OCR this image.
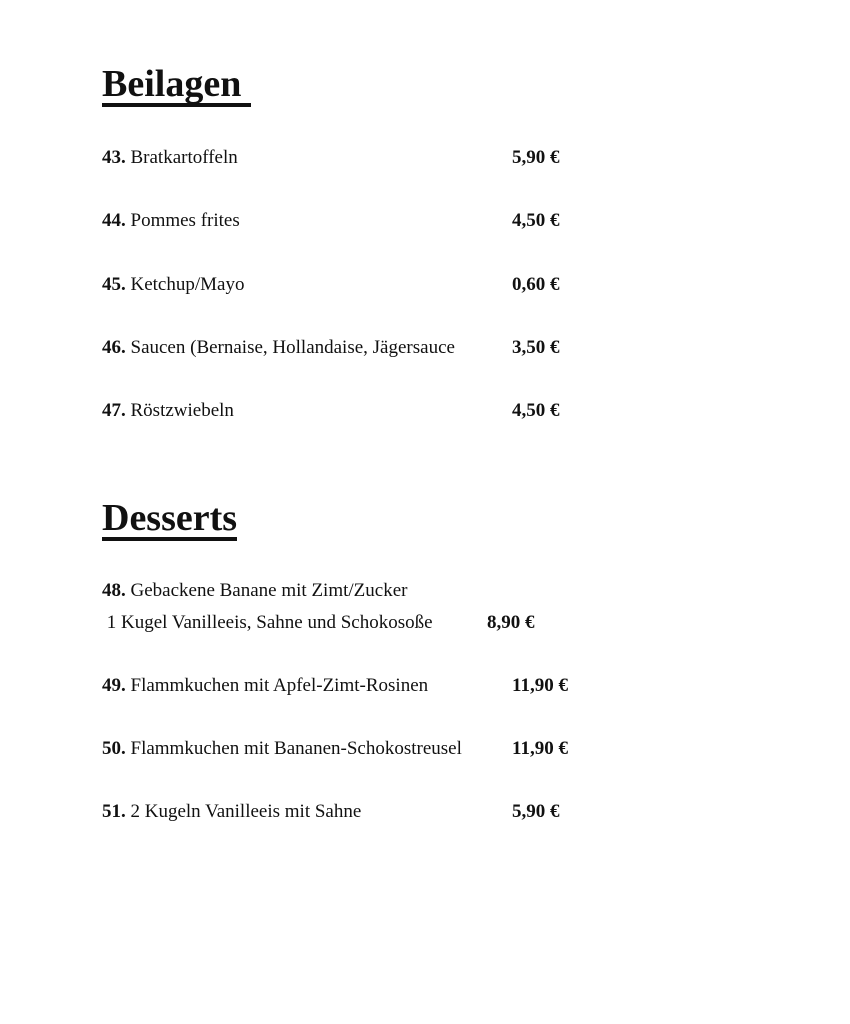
Beilagen
43. Bratkartoffeln	5,90 €
44. Pommes frites	4,50 €
45. Ketchup/Mayo	0,60 €
46. Saucen (Bernaise, Hollandaise, Jägersauce	3,50 €
47. Röstzwiebeln	4,50 €
Desserts
48. Gebackene Banane mit Zimt/Zucker
1 Kugel Vanilleeis, Sahne und Schokosoße	8,90 €
49. Flammkuchen mit Apfel-Zimt-Rosinen	11,90 €
50. Flammkuchen mit Bananen-Schokostreusel	11,90 €
51. 2 Kugeln Vanilleeis mit Sahne	5,90 €
